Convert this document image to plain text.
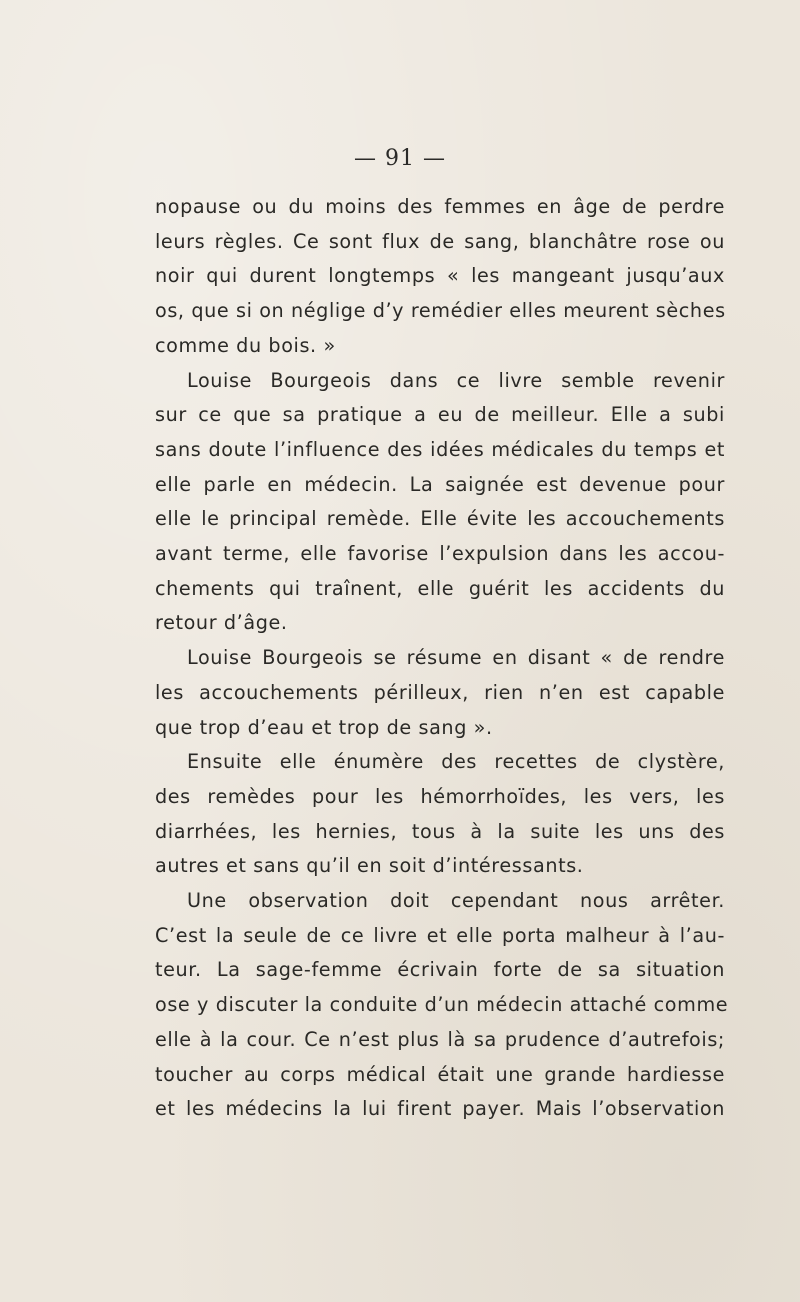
— 91 —
nopause ou du moins des femmes en âge de perdre
leurs règles. Ce sont flux de sang, blanchâtre rose ou
noir qui durent longtemps « les mangeant jusqu’aux
os, que si on néglige d’y remédier elles meurent sèches
comme du bois. »
Louise Bourgeois dans ce livre semble revenir
sur ce que sa pratique a eu de meilleur. Elle a subi
sans doute l’influence des idées médicales du temps et
elle parle en médecin. La saignée est devenue pour
elle le principal remède. Elle évite les accouchements
avant terme, elle favorise l’expulsion dans les accou-
chements qui traînent, elle guérit les accidents du
retour d’âge.
Louise Bourgeois se résume en disant « de rendre
les accouchements périlleux, rien n’en est capable
que trop d’eau et trop de sang ».
Ensuite elle énumère des recettes de clystère,
des remèdes pour les hémorrhoïdes, les vers, les
diarrhées, les hernies, tous à la suite les uns des
autres et sans qu’il en soit d’intéressants.
Une observation doit cependant nous arrêter.
C’est la seule de ce livre et elle porta malheur à l’au-
teur. La sage-femme écrivain forte de sa situation
ose y discuter la conduite d’un médecin attaché comme
elle à la cour. Ce n’est plus là sa prudence d’autrefois;
toucher au corps médical était une grande hardiesse
et les médecins la lui firent payer. Mais l’observation
